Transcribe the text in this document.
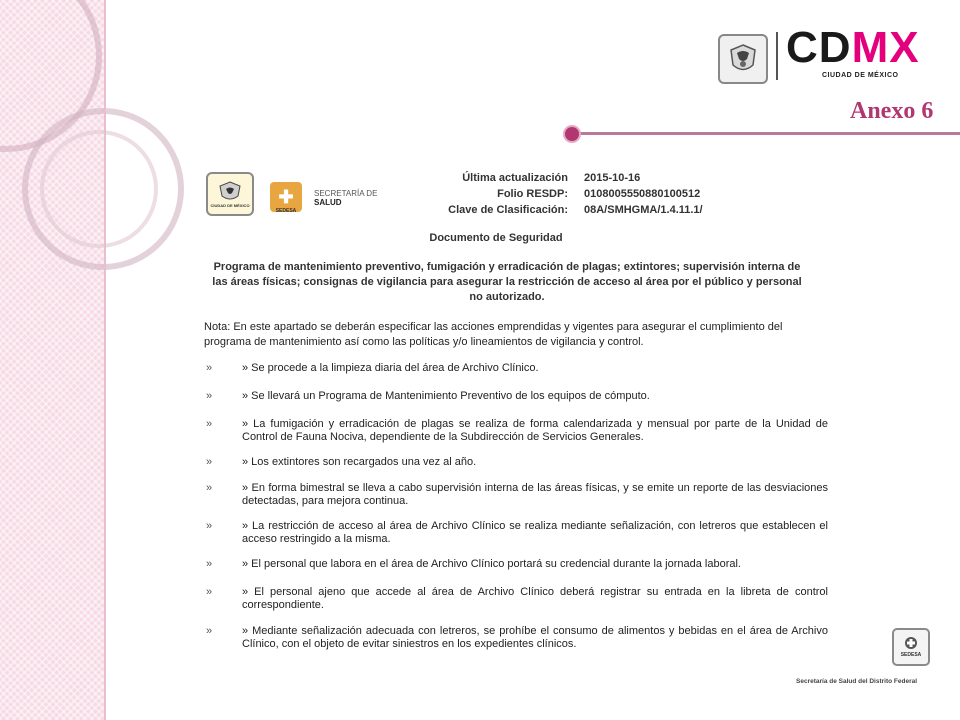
CDMX
CIUDAD DE MÉXICO
Anexo 6
CIUDAD DE MÉXICO ✚
SEDESA
SECRETARÍA DE
SALUD
Última actualización	2015-10-16
Folio RESDP:	0108005550880100512
Clave de Clasificación:	08A/SMHGMA/1.4.11.1/
Documento de Seguridad
Programa de mantenimiento preventivo, fumigación y erradicación de plagas; extintores; supervisión interna de las áreas físicas; consignas de vigilancia para asegurar la restricción de acceso al área por el público y personal no autorizado.
Nota: En este apartado se deberán especificar las acciones emprendidas y vigentes para asegurar el cumplimiento del programa de mantenimiento así como las políticas y/o lineamientos de vigilancia y control.
»	» Se procede a la limpieza diaria del área de Archivo Clínico.
»	» Se llevará un Programa de Mantenimiento Preventivo de los equipos de cómputo.
»	» La fumigación y erradicación de plagas se realiza de forma calendarizada y mensual por parte de la Unidad de Control de Fauna Nociva, dependiente de la Subdirección de Servicios Generales.
»	» Los extintores son recargados una vez al año.
»	» En forma bimestral se lleva a cabo supervisión interna de las áreas físicas, y se emite un reporte de las desviaciones detectadas, para mejora continua.
»	» La restricción de acceso al área de Archivo Clínico se realiza mediante señalización, con letreros que establecen el acceso restringido a la misma.
»	» El personal que labora en el área de Archivo Clínico portará su credencial durante la jornada laboral.
»	» El personal ajeno que accede al área de Archivo Clínico deberá registrar su entrada en la libreta de control correspondiente.
»	» Mediante señalización adecuada con letreros, se prohíbe el consumo de alimentos y bebidas en el área de Archivo Clínico, con el objeto de evitar siniestros en los expedientes clínicos.
SEDESA
Secretaría de Salud del Distrito Federal
